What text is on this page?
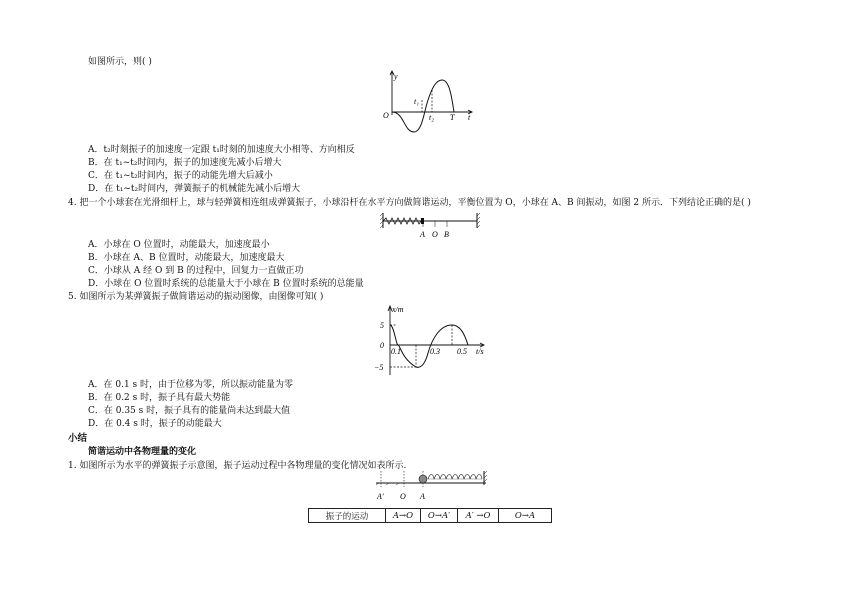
如图所示，则( )
y
O
t₁
t₂ T t
A．t₂时刻振子的加速度一定跟 t₁时刻的加速度大小相等、方向相反
B．在 t₁~t₂时间内，振子的加速度先减小后增大
C．在 t₁~t₂时间内，振子的动能先增大后减小
D．在 t₁~t₂时间内，弹簧振子的机械能先减小后增大
4. 把一个小球套在光滑细杆上，球与轻弹簧相连组成弹簧振子，小球沿杆在水平方向做简谐运动，平衡位置为 O，小球在 A、B 间振动，如图 2 所示．下列结论正确的是( )
A O B
A．小球在 O 位置时，动能最大，加速度最小
B．小球在 A、B 位置时，动能最大，加速度最大
C．小球从 A 经 O 到 B 的过程中，回复力一直做正功
D．小球在 O 位置时系统的总能量大于小球在 B 位置时系统的总能量
5. 如图所示为某弹簧振子做简谐运动的振动图像，由图像可知( )
x/m
5
0
−5
0.1	0.3 0.5 t/s
A．在 0.1 s 时，由于位移为零，所以振动能量为零
B．在 0.2 s 时，振子具有最大势能
C．在 0.35 s 时，振子具有的能量尚未达到最大值
D．在 0.4 s 时，振子的动能最大
小结
简谐运动中各物理量的变化
1. 如图所示为水平的弹簧振子示意图，振子运动过程中各物理量的变化情况如表所示.
A′ O A
振子的运动	A→O	O→A′	A′ →O	O→A
